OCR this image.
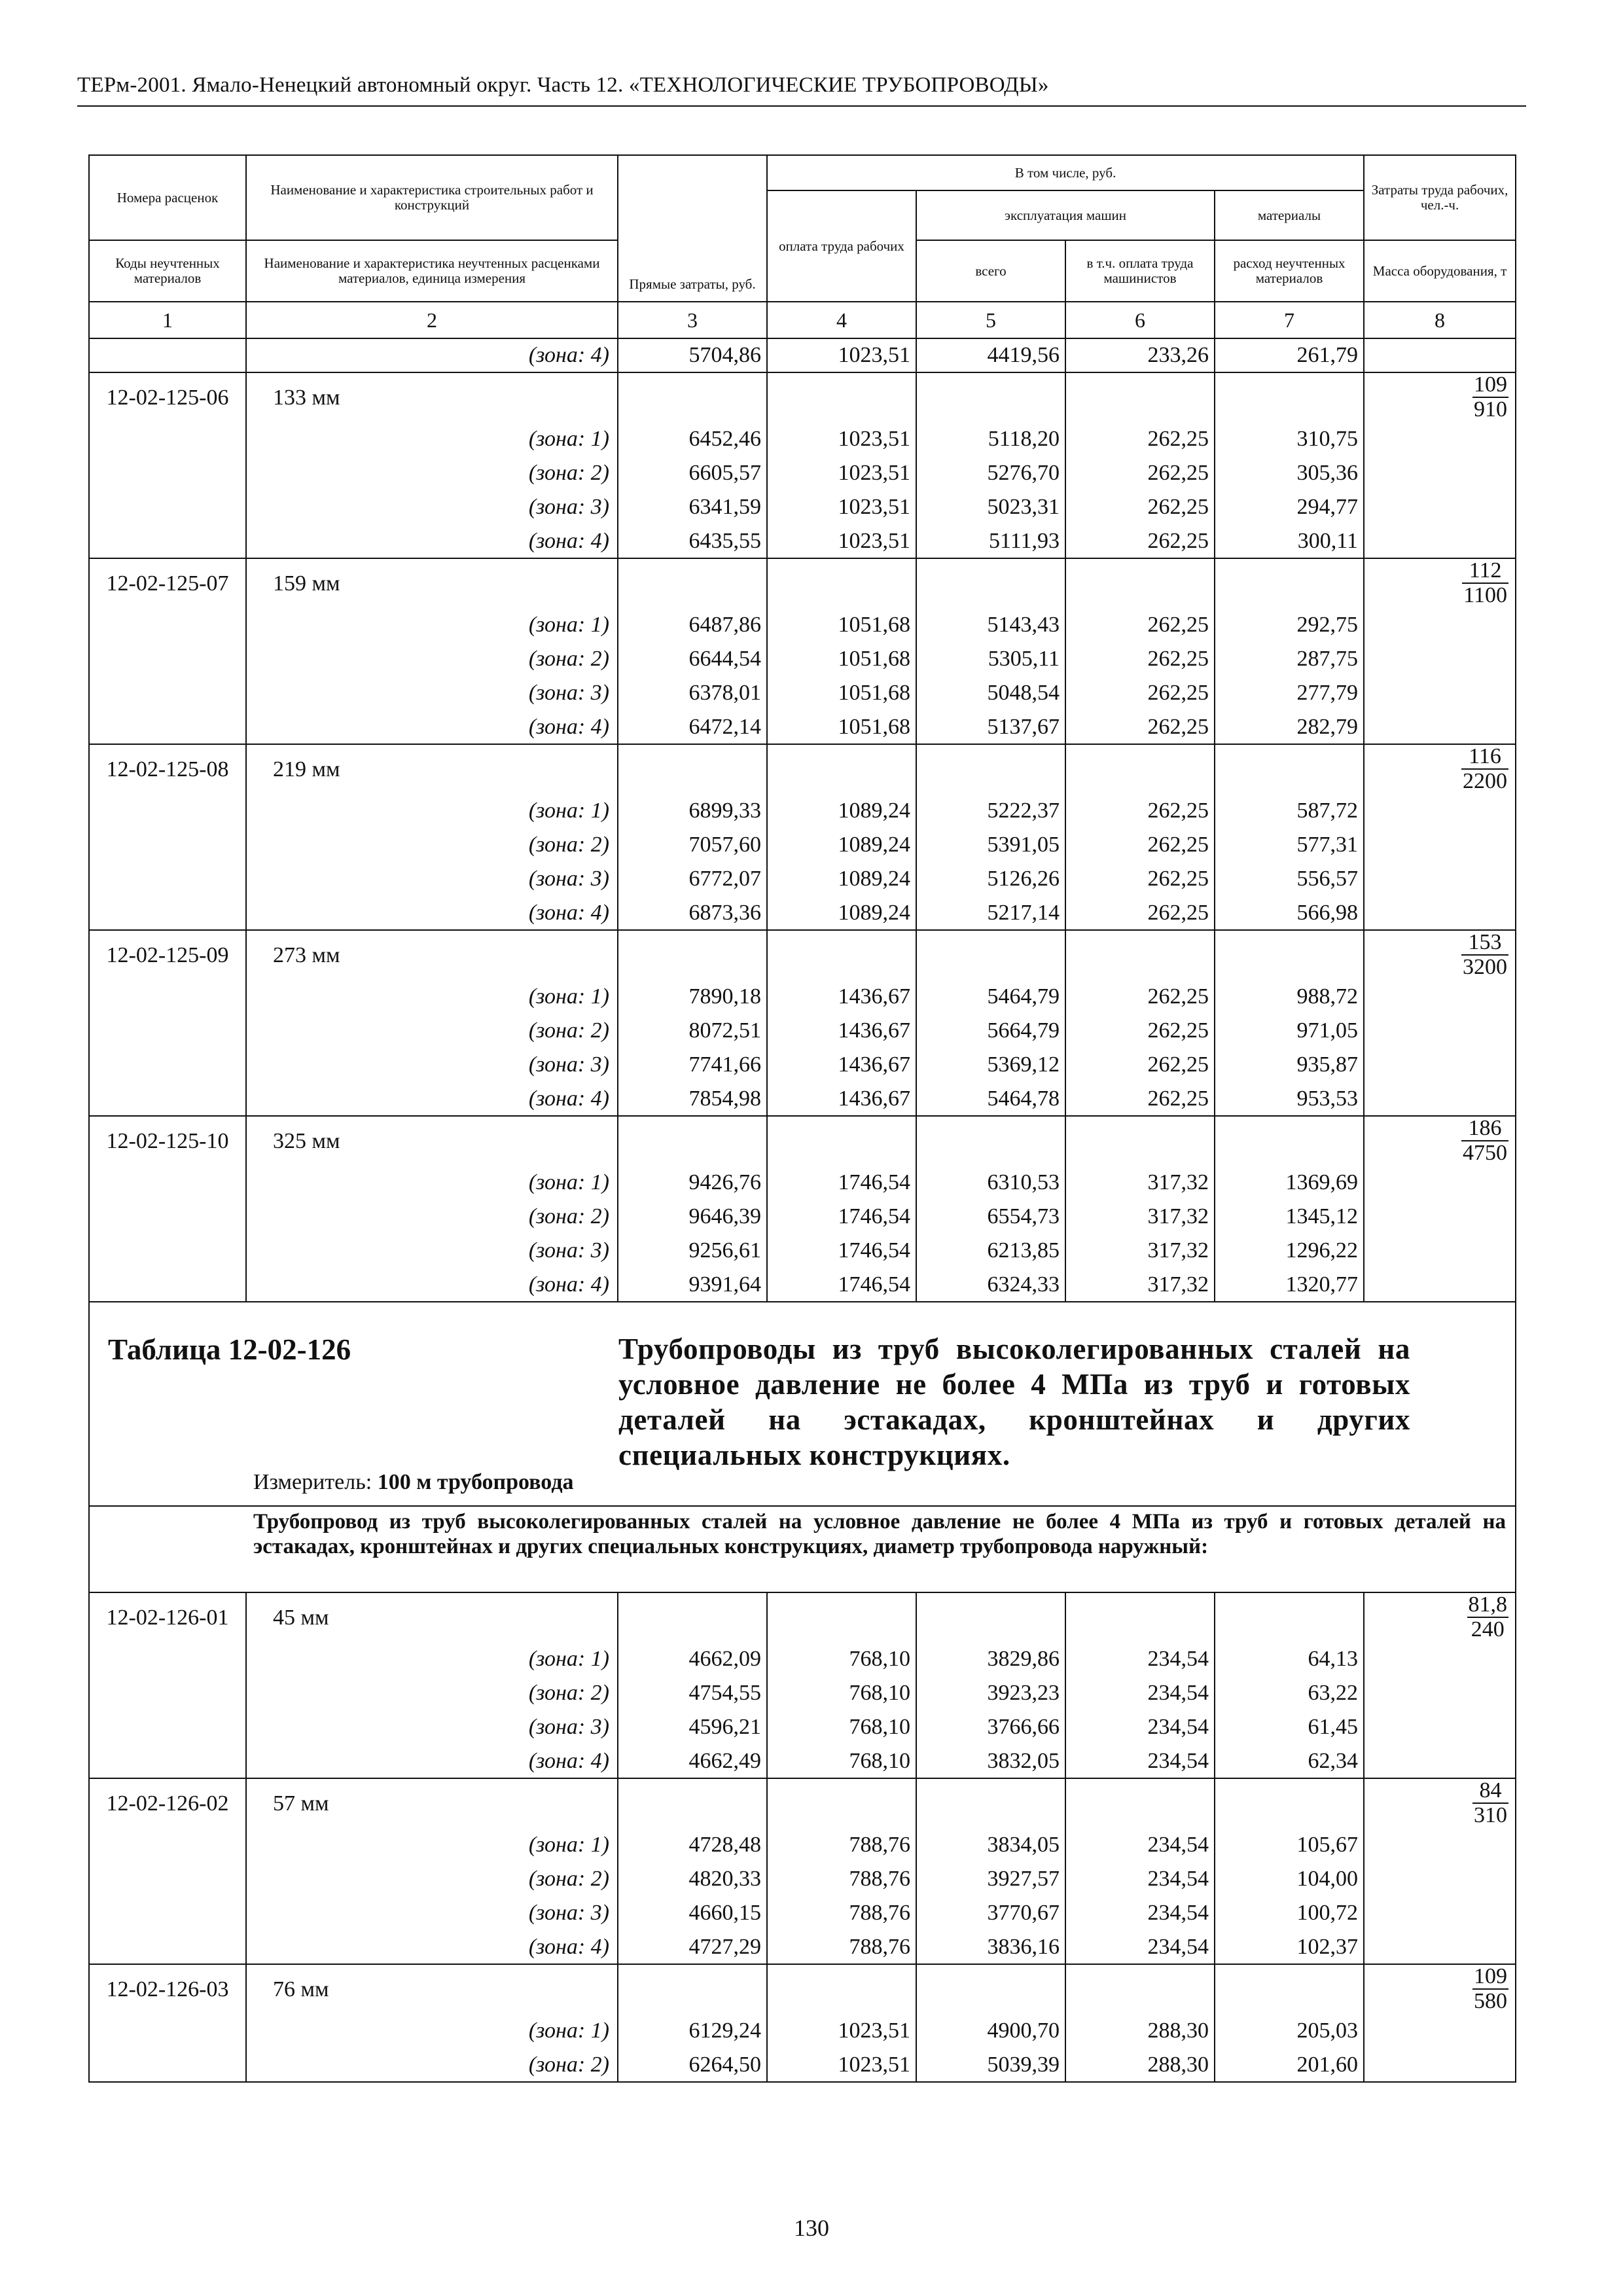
ТЕРм-2001. Ямало-Ненецкий автономный округ. Часть 12. «ТЕХНОЛОГИЧЕСКИЕ ТРУБОПРОВОДЫ»
Номера расценок	Наименование и характеристика строительных работ и конструкций	Прямые затраты, руб.	В том числе, руб.				Затраты труда рабочих, чел.-ч.
			оплата труда рабочих	эксплуатация машин		материалы	
Коды неучтенных материалов	Наименование и характеристика неучтенных расценками материалов, единица измерения			всего	в т.ч. оплата труда машинистов	расход неучтенных материалов	Масса оборудования, т
1	2	3	4	5	6	7	8
	(зона: 4)	5704,86	1023,51	4419,56	233,26	261,79	
12-02-125-06	133 мм						$\frac{109}{910}$

	(зона: 1)	6452,46	1023,51	5118,20	262,25	310,75	
	(зона: 2)	6605,57	1023,51	5276,70	262,25	305,36	
	(зона: 3)	6341,59	1023,51	5023,31	262,25	294,77	
	(зона: 4)	6435,55	1023,51	5111,93	262,25	300,11	
12-02-125-07	159 мм						$\frac{112}{1100}$

	(зона: 1)	6487,86	1051,68	5143,43	262,25	292,75	
	(зона: 2)	6644,54	1051,68	5305,11	262,25	287,75	
	(зона: 3)	6378,01	1051,68	5048,54	262,25	277,79	
	(зона: 4)	6472,14	1051,68	5137,67	262,25	282,79	
12-02-125-08	219 мм						$\frac{116}{2200}$

	(зона: 1)	6899,33	1089,24	5222,37	262,25	587,72	
	(зона: 2)	7057,60	1089,24	5391,05	262,25	577,31	
	(зона: 3)	6772,07	1089,24	5126,26	262,25	556,57	
	(зона: 4)	6873,36	1089,24	5217,14	262,25	566,98	
12-02-125-09	273 мм						$\frac{153}{3200}$

	(зона: 1)	7890,18	1436,67	5464,79	262,25	988,72	
	(зона: 2)	8072,51	1436,67	5664,79	262,25	971,05	
	(зона: 3)	7741,66	1436,67	5369,12	262,25	935,87	
	(зона: 4)	7854,98	1436,67	5464,78	262,25	953,53	
12-02-125-10	325 мм						$\frac{186}{4750}$

	(зона: 1)	9426,76	1746,54	6310,53	317,32	1369,69	
	(зона: 2)	9646,39	1746,54	6554,73	317,32	1345,12	
	(зона: 3)	9256,61	1746,54	6213,85	317,32	1296,22	
	(зона: 4)	9391,64	1746,54	6324,33	317,32	1320,77	

Таблица 12-02-126 Трубопроводы из труб высоколегированных сталей на условное давление не более 4 МПа из труб и готовых деталей на эстакадах, кронштейнах и других специальных конструкциях.
Измеритель: 100 м трубопровода							

Трубопровод из труб высоколегированных сталей на условное давление не более 4 МПа из труб и готовых деталей на эстакадах, кронштейнах и других специальных конструкциях, диаметр трубопровода наружный:							
12-02-126-01	45 мм						$\frac{81,8}{240}$

	(зона: 1)	4662,09	768,10	3829,86	234,54	64,13	
	(зона: 2)	4754,55	768,10	3923,23	234,54	63,22	
	(зона: 3)	4596,21	768,10	3766,66	234,54	61,45	
	(зона: 4)	4662,49	768,10	3832,05	234,54	62,34	
12-02-126-02	57 мм						$\frac{84}{310}$

	(зона: 1)	4728,48	788,76	3834,05	234,54	105,67	
	(зона: 2)	4820,33	788,76	3927,57	234,54	104,00	
	(зона: 3)	4660,15	788,76	3770,67	234,54	100,72	
	(зона: 4)	4727,29	788,76	3836,16	234,54	102,37	
12-02-126-03	76 мм						$\frac{109}{580}$

	(зона: 1)	6129,24	1023,51	4900,70	288,30	205,03	
	(зона: 2)	6264,50	1023,51	5039,39	288,30	201,60	
130
